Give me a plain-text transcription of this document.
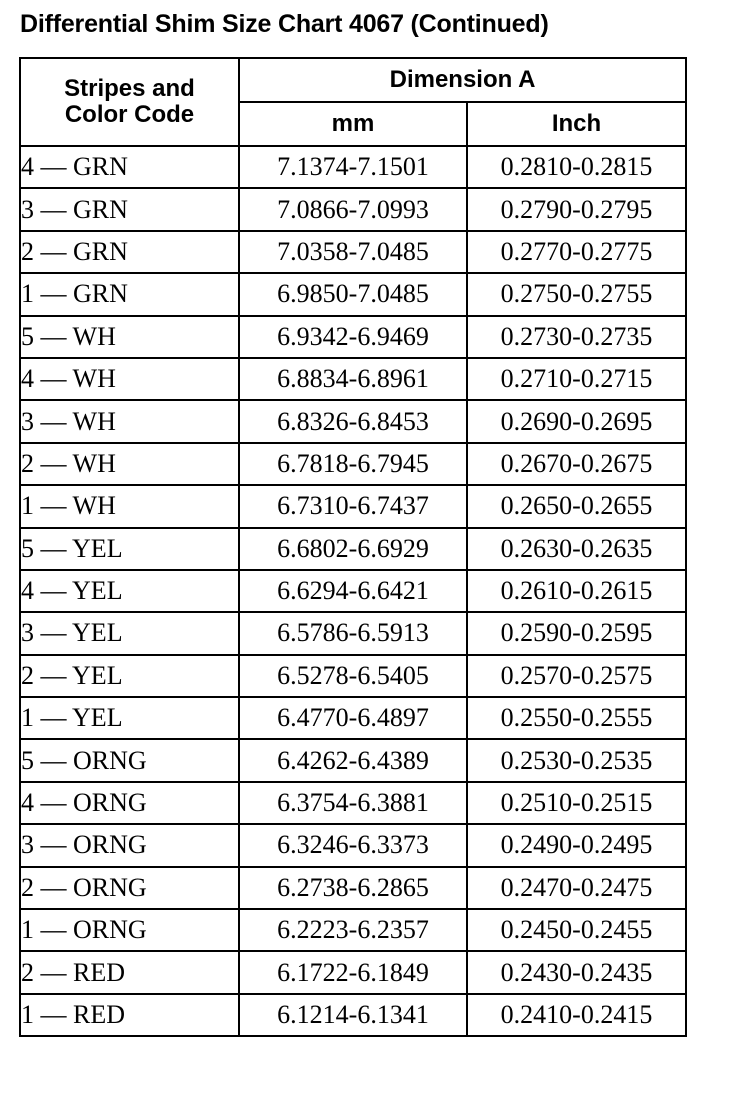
Differential Shim Size Chart 4067 (Continued)
Stripes and Color Code	Dimension A	
	mm	Inch
4 — GRN	7.1374-7.1501	0.2810-0.2815
3 — GRN	7.0866-7.0993	0.2790-0.2795
2 — GRN	7.0358-7.0485	0.2770-0.2775
1 — GRN	6.9850-7.0485	0.2750-0.2755
5 — WH	6.9342-6.9469	0.2730-0.2735
4 — WH	6.8834-6.8961	0.2710-0.2715
3 — WH	6.8326-6.8453	0.2690-0.2695
2 — WH	6.7818-6.7945	0.2670-0.2675
1 — WH	6.7310-6.7437	0.2650-0.2655
5 — YEL	6.6802-6.6929	0.2630-0.2635
4 — YEL	6.6294-6.6421	0.2610-0.2615
3 — YEL	6.5786-6.5913	0.2590-0.2595
2 — YEL	6.5278-6.5405	0.2570-0.2575
1 — YEL	6.4770-6.4897	0.2550-0.2555
5 — ORNG	6.4262-6.4389	0.2530-0.2535
4 — ORNG	6.3754-6.3881	0.2510-0.2515
3 — ORNG	6.3246-6.3373	0.2490-0.2495
2 — ORNG	6.2738-6.2865	0.2470-0.2475
1 — ORNG	6.2223-6.2357	0.2450-0.2455
2 — RED	6.1722-6.1849	0.2430-0.2435
1 — RED	6.1214-6.1341	0.2410-0.2415
